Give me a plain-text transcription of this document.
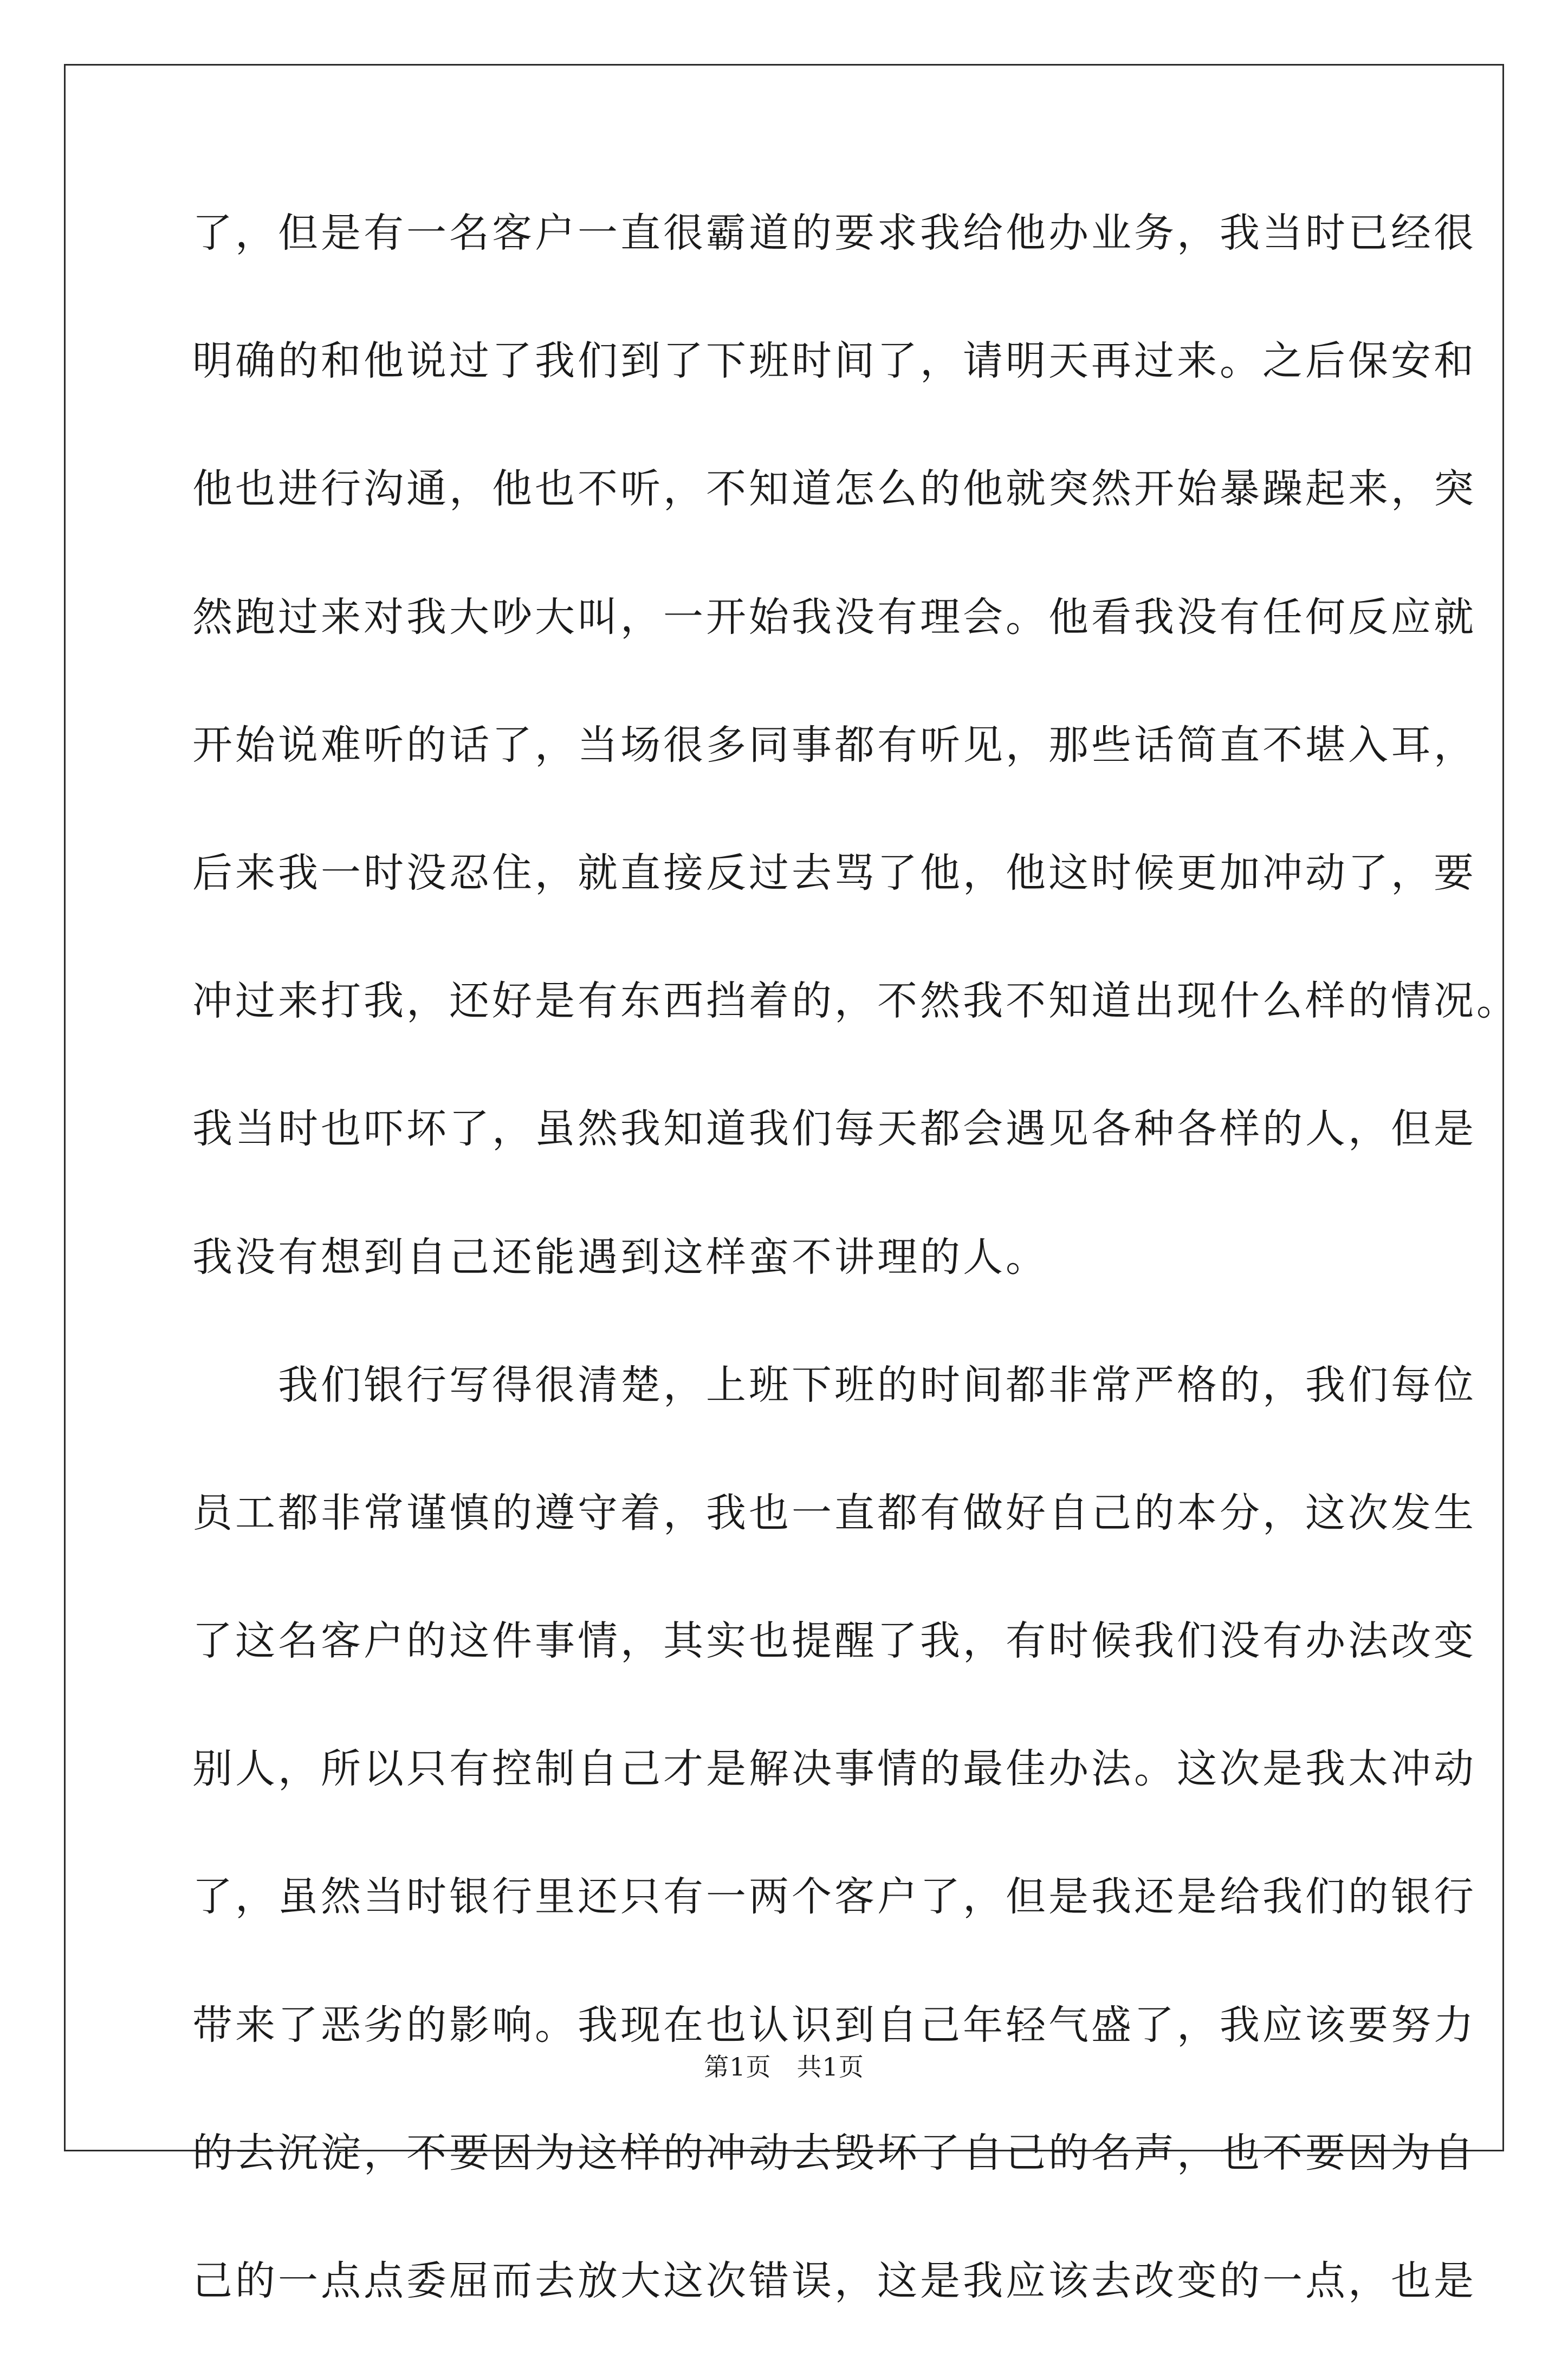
了，但是有一名客户一直很霸道的要求我给他办业务，我当时已经很
明确的和他说过了我们到了下班时间了，请明天再过来。之后保安和
他也进行沟通，他也不听，不知道怎么的他就突然开始暴躁起来，突
然跑过来对我大吵大叫，一开始我没有理会。他看我没有任何反应就
开始说难听的话了，当场很多同事都有听见，那些话简直不堪入耳，
后来我一时没忍住，就直接反过去骂了他，他这时候更加冲动了，要
冲过来打我，还好是有东西挡着的，不然我不知道出现什么样的情况。
我当时也吓坏了，虽然我知道我们每天都会遇见各种各样的人，但是
我没有想到自己还能遇到这样蛮不讲理的人。
　　我们银行写得很清楚，上班下班的时间都非常严格的，我们每位
员工都非常谨慎的遵守着，我也一直都有做好自己的本分，这次发生
了这名客户的这件事情，其实也提醒了我，有时候我们没有办法改变
别人，所以只有控制自己才是解决事情的最佳办法。这次是我太冲动
了，虽然当时银行里还只有一两个客户了，但是我还是给我们的银行
带来了恶劣的影响。我现在也认识到自己年轻气盛了，我应该要努力
的去沉淀，不要因为这样的冲动去毁坏了自己的名声，也不要因为自
己的一点点委屈而去放大这次错误，这是我应该去改变的一点，也是
第1页　共1页
